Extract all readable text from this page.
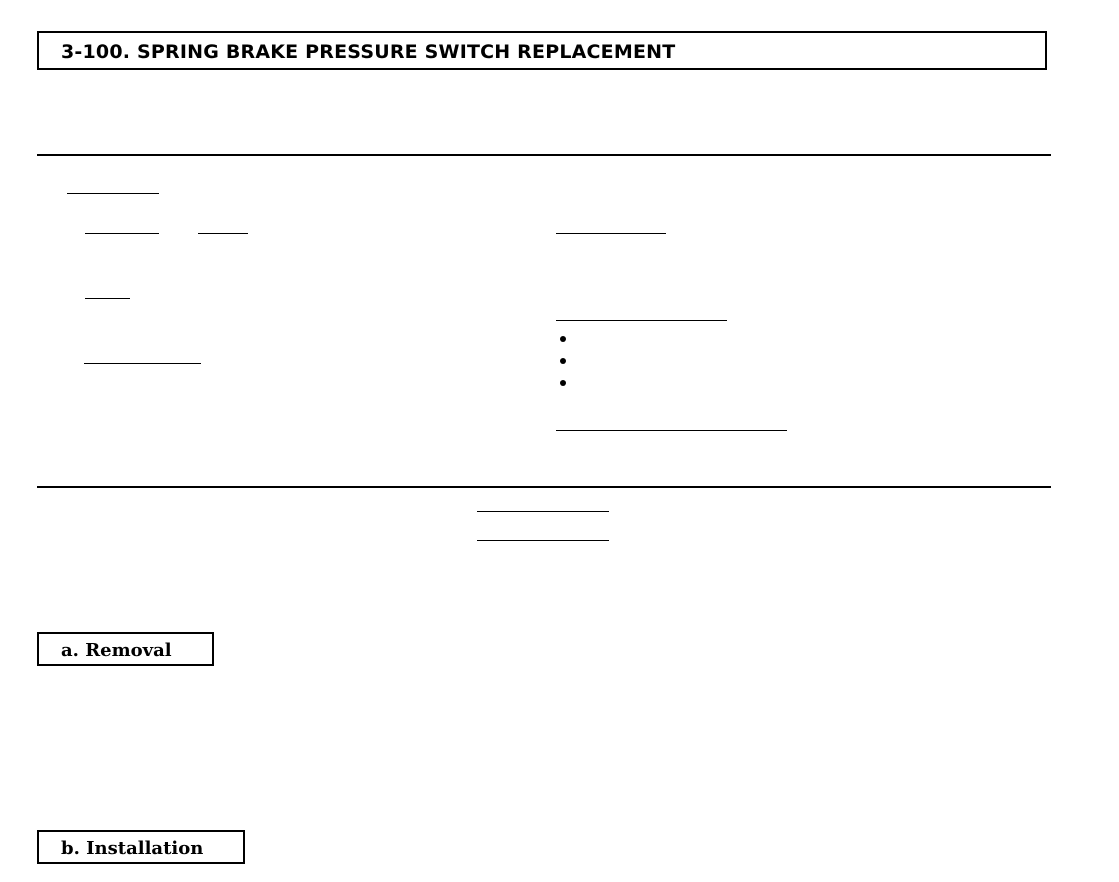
3-100. SPRING BRAKE PRESSURE SWITCH REPLACEMENT
a. Removal
b. Installation
